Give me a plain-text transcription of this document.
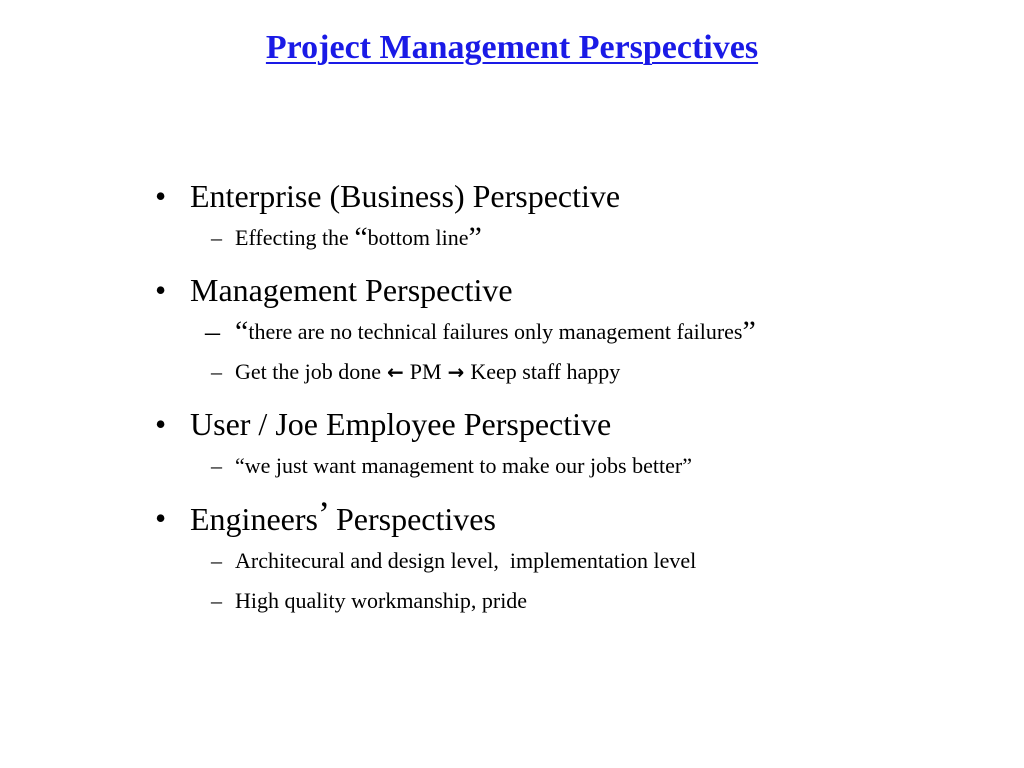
Project Management Perspectives
• Enterprise (Business) Perspective
– Effecting the “bottom line”
• Management Perspective
– “there are no technical failures only management failures”
– Get the job done ← PM → Keep staff happy
• User / Joe Employee Perspective
– “we just want management to make our jobs better”
• Engineers’ Perspectives
– Architecural and design level,  implementation level
– High quality workmanship, pride
